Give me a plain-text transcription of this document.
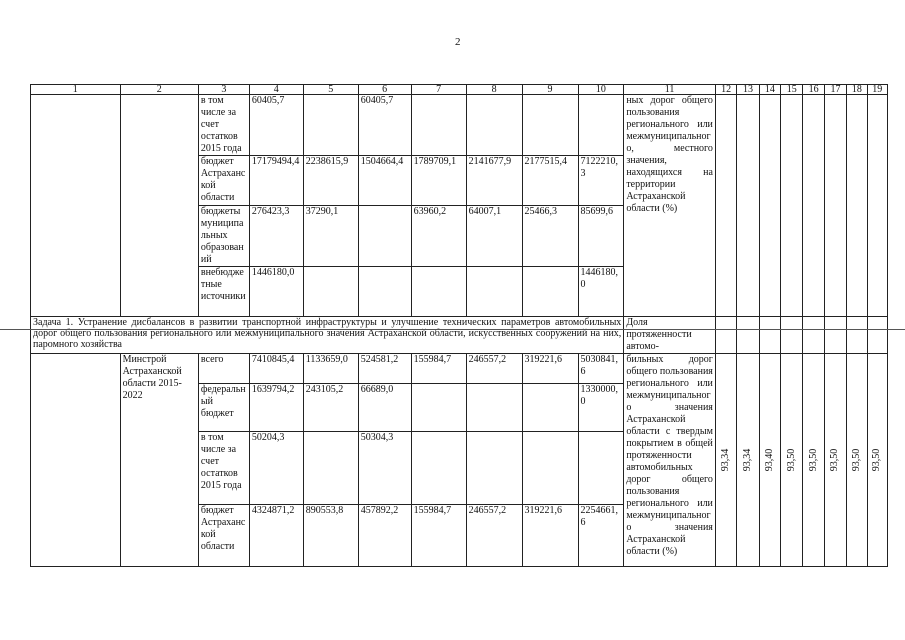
2
1	2	3	4	5	6	7	8	9	10	11	12	13	14	15	16	17	18	19
		в том числе за счет остатков 2015 года	60405,7		60405,7					ных дорог общего пользования регионального или межмуниципального, местного значения, находящихся на территории Астраханской области (%)								
		бюджет Астраханской области	17179494,4	2238615,9	1504664,4	1789709,1	2141677,9	2177515,4	7122210,3									
		бюджеты муниципальных образований	276423,3	37290,1		63960,2	64007,1	25466,3	85699,6									
		внебюджетные источники	1446180,0						1446180,0									
Задача 1. Устранение дисбалансов в развитии транспортной инфраструктуры и улучшение технических параметров автомобильных дорог общего пользования регионального или межмуниципального значения Астраханской области, искусственных сооружений на них, паромного хозяйства										Доля протяженности автомо-								
	Минстрой Астраханской области 2015-2022	всего	7410845,4	1133659,0	524581,2	155984,7	246557,2	319221,6	5030841,6	бильных дорог общего пользования регионального или межмуниципального значения Астраханской области с твердым покрытием в общей протяженности автомобильных дорог общего пользования регионального или межмуниципального значения Астраханской области (%)	93,34	93,34	93,40	93,50	93,50	93,50	93,50	93,50

		федеральный бюджет	1639794,2	243105,2	66689,0				1330000,0									
		в том числе за счет остатков 2015 года	50204,3		50304,3													
		бюджет Астраханской области	4324871,2	890553,8	457892,2	155984,7	246557,2	319221,6	2254661,6									
